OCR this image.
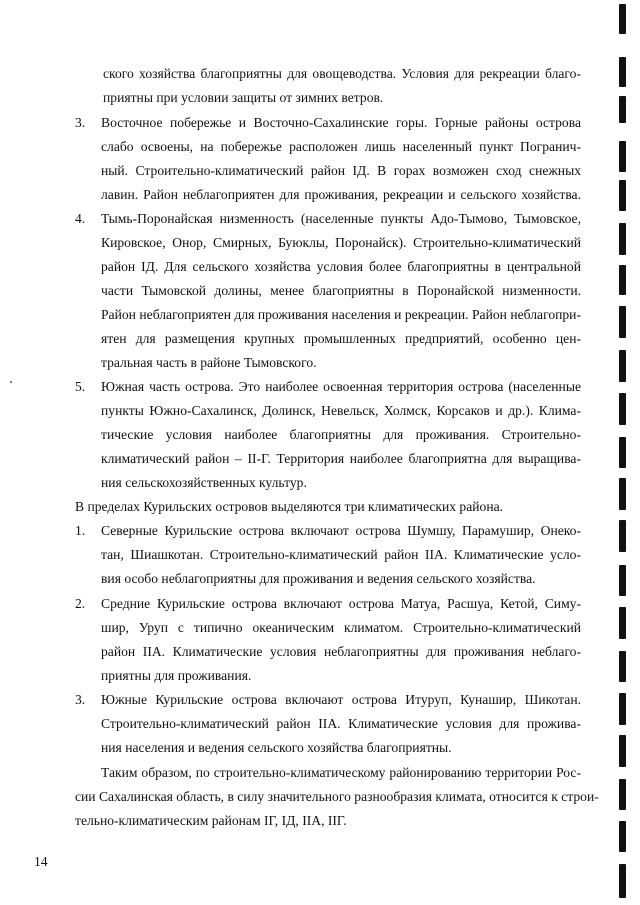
ского хозяйства благоприятны для овощеводства. Условия для рекреации благо-
приятны при условии защиты от зимних ветров.
3. Восточное побережье и Восточно-Сахалинские горы. Горные районы острова
слабо освоены, на побережье расположен лишь населенный пункт Погранич-
ный. Строительно-климатический район IД. В горах возможен сход снежных
лавин. Район неблагоприятен для проживания, рекреации и сельского хозяйства.
4. Тымь-Поронайская низменность (населенные пункты Адо-Тымово, Тымовское,
Кировское, Онор, Смирных, Буюклы, Поронайск). Строительно-климатический
район IД. Для сельского хозяйства условия более благоприятны в центральной
части Тымовской долины, менее благоприятны в Поронайской низменности.
Район неблагоприятен для проживания населения и рекреации. Район неблагопри-
ятен для размещения крупных промышленных предприятий, особенно цен-
тральная часть в районе Тымовского.
5. Южная часть острова. Это наиболее освоенная территория острова (населенные
пункты Южно-Сахалинск, Долинск, Невельск, Холмск, Корсаков и др.). Клима-
тические условия наиболее благоприятны для проживания. Строительно-
климатический район – II-Г. Территория наиболее благоприятна для выращива-
ния сельскохозяйственных культур.
В пределах Курильских островов выделяются три климатических района.
1. Северные Курильские острова включают острова Шумшу, Парамушир, Онеко-
тан, Шиашкотан. Строительно-климатический район IIА. Климатические усло-
вия особо неблагоприятны для проживания и ведения сельского хозяйства.
2. Средние Курильские острова включают острова Матуа, Расшуа, Кетой, Симу-
шир, Уруп с типично океаническим климатом. Строительно-климатический
район IIА. Климатические условия неблагоприятны для проживания неблаго-
приятны для проживания.
3. Южные Курильские острова включают острова Итуруп, Кунашир, Шикотан.
Строительно-климатический район IIА. Климатические условия для прожива-
ния населения и ведения сельского хозяйства благоприятны.
Таким образом, по строительно-климатическому районированию территории Рос-
сии Сахалинская область, в силу значительного разнообразия климата, относится к строи-
тельно-климатическим районам IГ, IД, IIА, IIГ.
14
